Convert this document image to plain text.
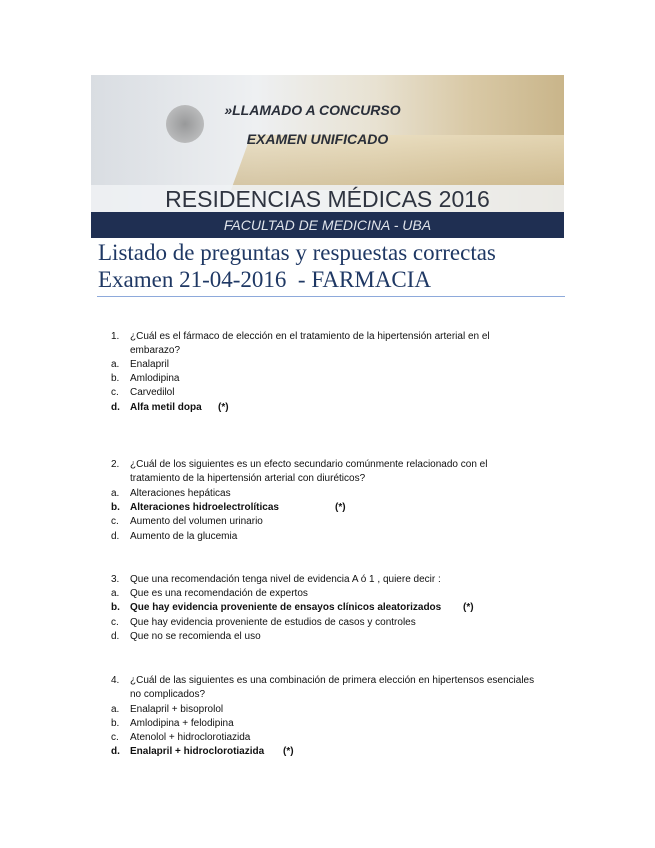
»LLAMADO A CONCURSO
EXAMEN UNIFICADO
RESIDENCIAS MÉDICAS 2016
FACULTAD DE MEDICINA - UBA
Listado de preguntas y respuestas correctas
Examen 21-04-2016  - FARMACIA
1. ¿Cuál es el fármaco de elección en el tratamiento de la hipertensión arterial en el
embarazo?
a. Enalapril
b. Amlodipina
c. Carvedilol
d. Alfa metil dopa (*)
2. ¿Cuál de los siguientes es un efecto secundario comúnmente relacionado con el
tratamiento de la hipertensión arterial con diuréticos?
a. Alteraciones hepáticas
b. Alteraciones hidroelectrolíticas	(*)
c. Aumento del volumen urinario
d. Aumento de la glucemia
3. Que una recomendación tenga nivel de evidencia A ó 1 , quiere decir :
a. Que es una recomendación de expertos
b. Que hay evidencia proveniente de ensayos clínicos aleatorizados (*)
c. Que hay evidencia proveniente de estudios de casos y controles
d. Que no se recomienda el uso
4. ¿Cuál de las siguientes es una combinación de primera elección en hipertensos esenciales
no complicados?
a. Enalapril + bisoprolol
b. Amlodipina + felodipina
c. Atenolol + hidroclorotiazida
d. Enalapril + hidroclorotiazida (*)
